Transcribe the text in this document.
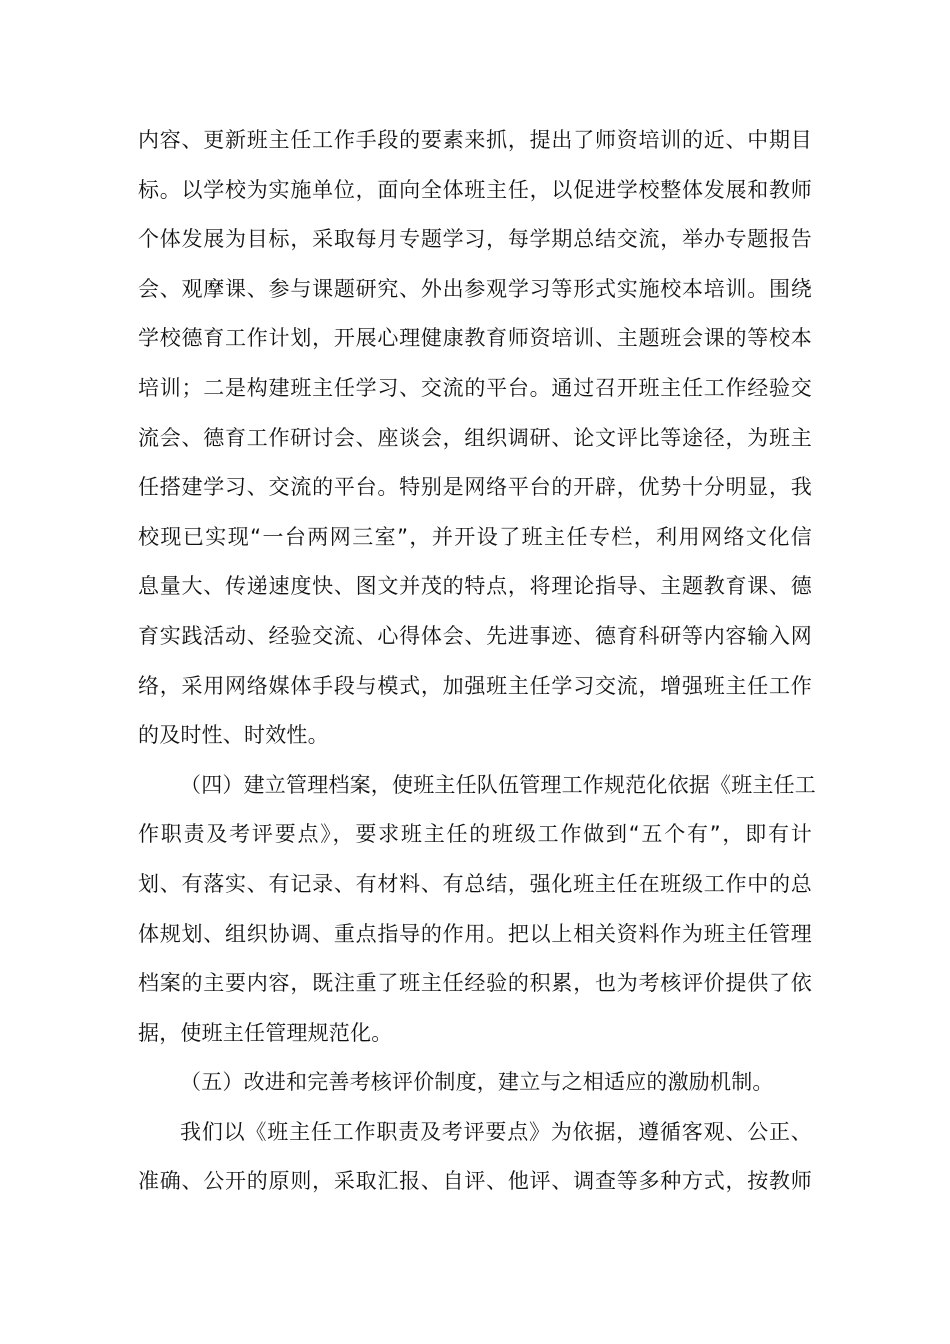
内容、更新班主任工作手段的要素来抓，提出了师资培训的近、中期目
标。以学校为实施单位，面向全体班主任，以促进学校整体发展和教师
个体发展为目标，采取每月专题学习，每学期总结交流，举办专题报告
会、观摩课、参与课题研究、外出参观学习等形式实施校本培训。围绕
学校德育工作计划，开展心理健康教育师资培训、主题班会课的等校本
培训；二是构建班主任学习、交流的平台。通过召开班主任工作经验交
流会、德育工作研讨会、座谈会，组织调研、论文评比等途径，为班主
任搭建学习、交流的平台。特别是网络平台的开辟，优势十分明显，我
校现已实现“一台两网三室”，并开设了班主任专栏，利用网络文化信
息量大、传递速度快、图文并茂的特点，将理论指导、主题教育课、德
育实践活动、经验交流、心得体会、先进事迹、德育科研等内容输入网
络，采用网络媒体手段与模式，加强班主任学习交流，增强班主任工作
的及时性、时效性。
（四）建立管理档案，使班主任队伍管理工作规范化依据《班主任工
作职责及考评要点》，要求班主任的班级工作做到“五个有”，即有计
划、有落实、有记录、有材料、有总结，强化班主任在班级工作中的总
体规划、组织协调、重点指导的作用。把以上相关资料作为班主任管理
档案的主要内容，既注重了班主任经验的积累，也为考核评价提供了依
据，使班主任管理规范化。
（五）改进和完善考核评价制度，建立与之相适应的激励机制。
我们以《班主任工作职责及考评要点》为依据，遵循客观、公正、
准确、公开的原则，采取汇报、自评、他评、调查等多种方式，按教师
